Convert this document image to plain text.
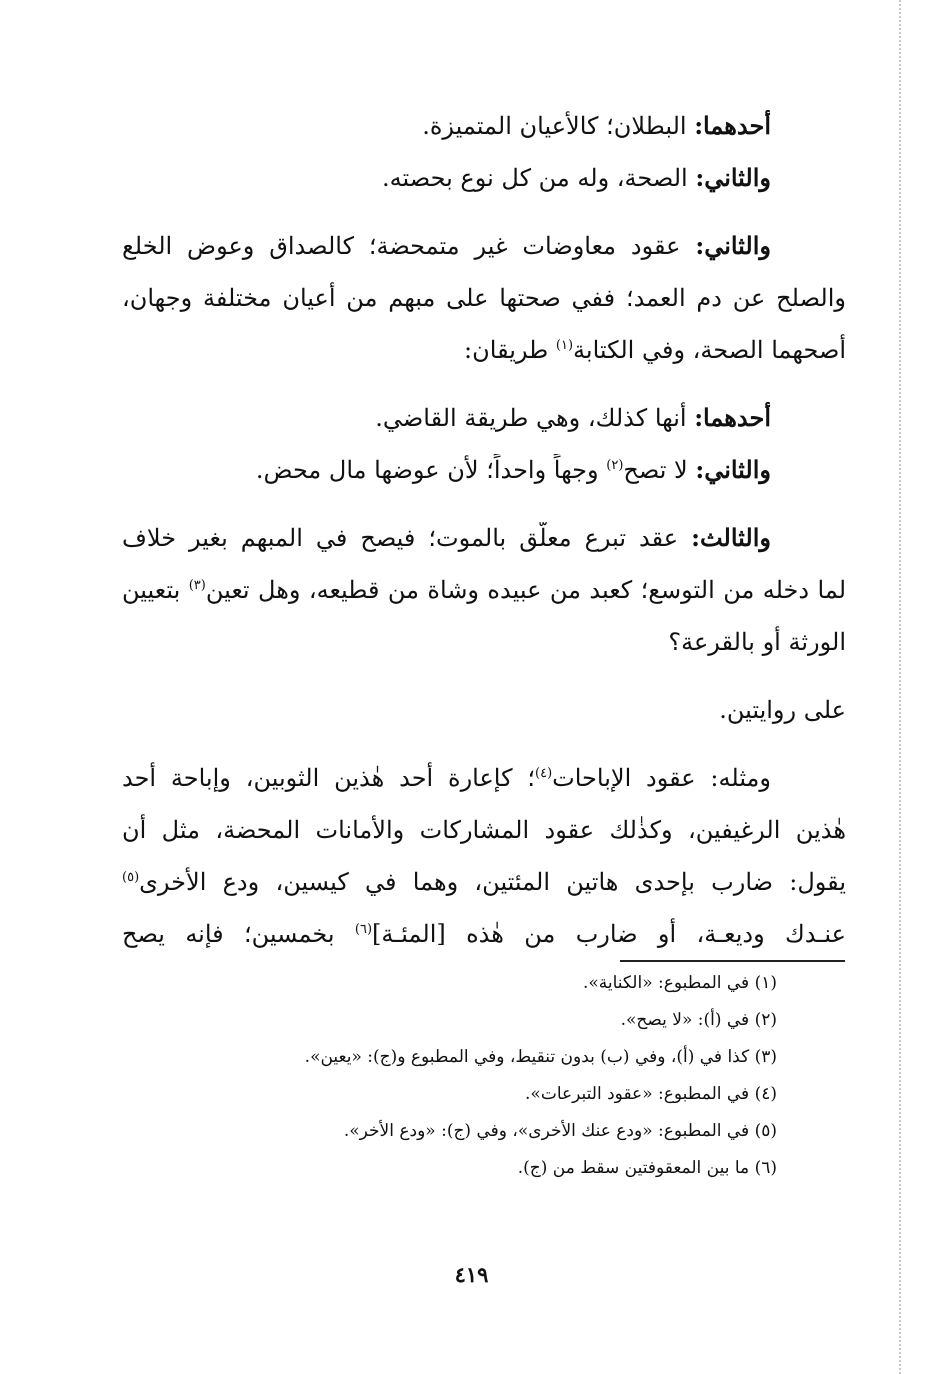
أحدهما: البطلان؛ كالأعيان المتميزة.
والثاني: الصحة، وله من كل نوع بحصته.
والثاني: عقود معاوضات غير متمحضة؛ كالصداق وعوض الخلع
والصلح عن دم العمد؛ ففي صحتها على مبهم من أعيان مختلفة وجهان،
أصحهما الصحة، وفي الكتابة$^{(١)}$ طريقان:
أحدهما: أنها كذلك، وهي طريقة القاضي.
والثاني: لا تصح$^{(٢)}$ وجهاً واحداً؛ لأن عوضها مال محض.
والثالث: عقد تبرع معلّق بالموت؛ فيصح في المبهم بغير خلاف
لما دخله من التوسع؛ كعبد من عبيده وشاة من قطيعه، وهل تعين$^{(٣)}$ بتعيين
الورثة أو بالقرعة؟
على روايتين.
ومثله: عقود الإباحات$^{(٤)}$؛ كإعارة أحد هٰذين الثوبين، وإباحة أحد
هٰذين الرغيفين، وكذٰلك عقود المشاركات والأمانات المحضة، مثل أن
يقول: ضارب بإحدى هاتين المئتين، وهما في كيسين، ودع الأخرى$^{(٥)}$
عنـدك وديعـة، أو ضارب من هٰذه [المئـة]$^{(٦)}$ بخمسين؛ فإنه يصح
(١) في المطبوع: «الكناية».
(٢) في (أ): «لا يصح».
(٣) كذا في (أ)، وفي (ب) بدون تنقيط، وفي المطبوع و(ج): «يعين».
(٤) في المطبوع: «عقود التبرعات».
(٥) في المطبوع: «ودع عنك الأخرى»، وفي (ج): «ودع الأخر».
(٦) ما بين المعقوفتين سقط من (ج).
٤١٩
